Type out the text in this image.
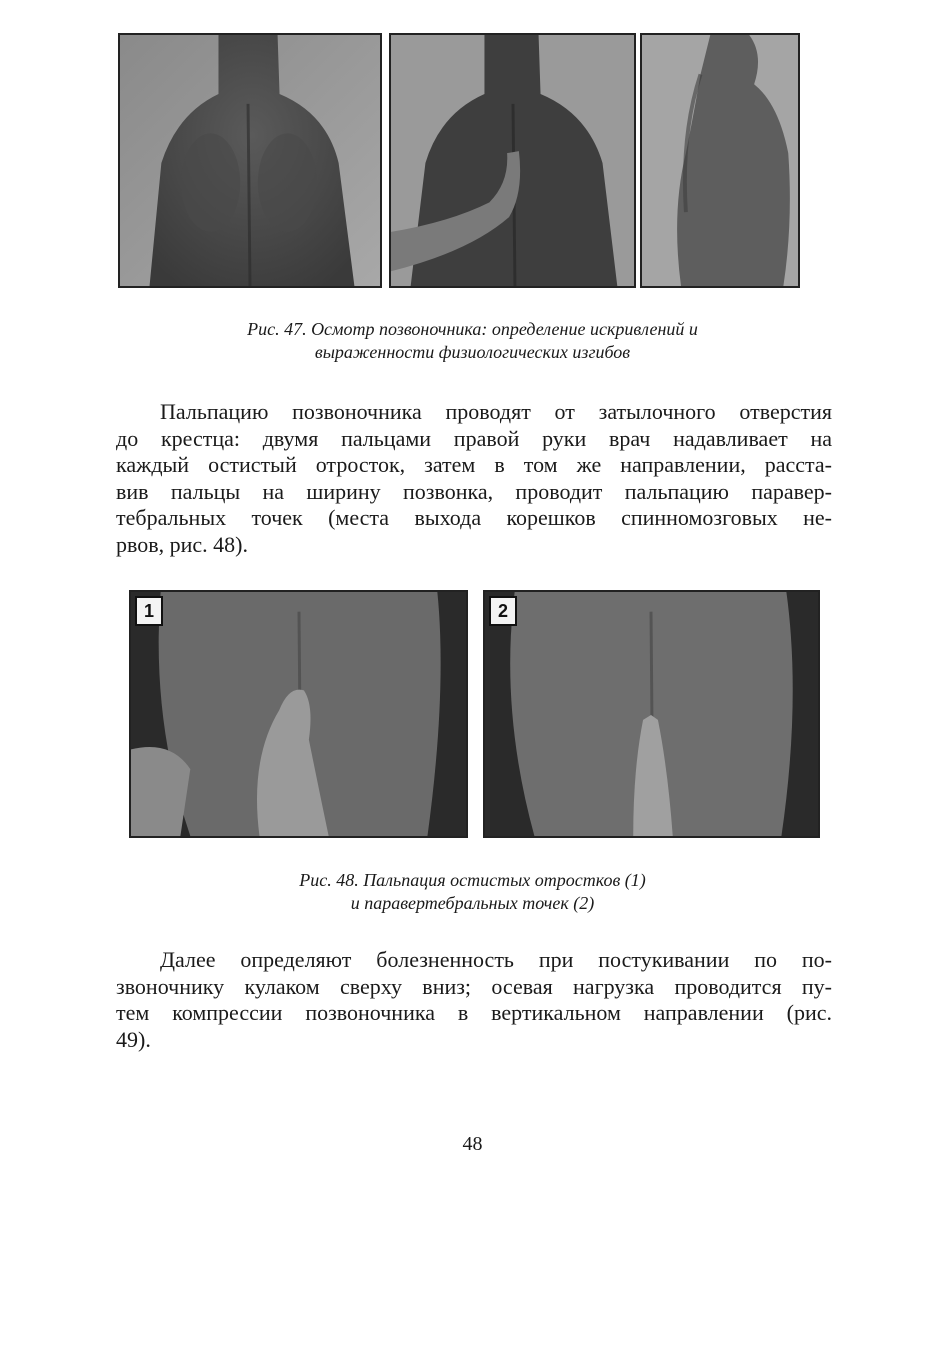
Рис. 47. Осмотр позвоночника: определение искривлений и
выраженности физиологических изгибов
Пальпацию позвоночника проводят от затылочного отверстия
до крестца: двумя пальцами правой руки врач надавливает на
каждый остистый отросток, затем в том же направлении, расста-
вив пальцы на ширину позвонка, проводит пальпацию паравер-
тебральных точек (места выхода корешков спинномозговых не-
рвов, рис. 48).
1	2
Рис. 48. Пальпация остистых отростков (1)
и паравертебральных точек (2)
Далее определяют болезненность при постукивании по по-
звоночнику кулаком сверху вниз; осевая нагрузка проводится пу-
тем компрессии позвоночника в вертикальном направлении (рис.
49).
48
